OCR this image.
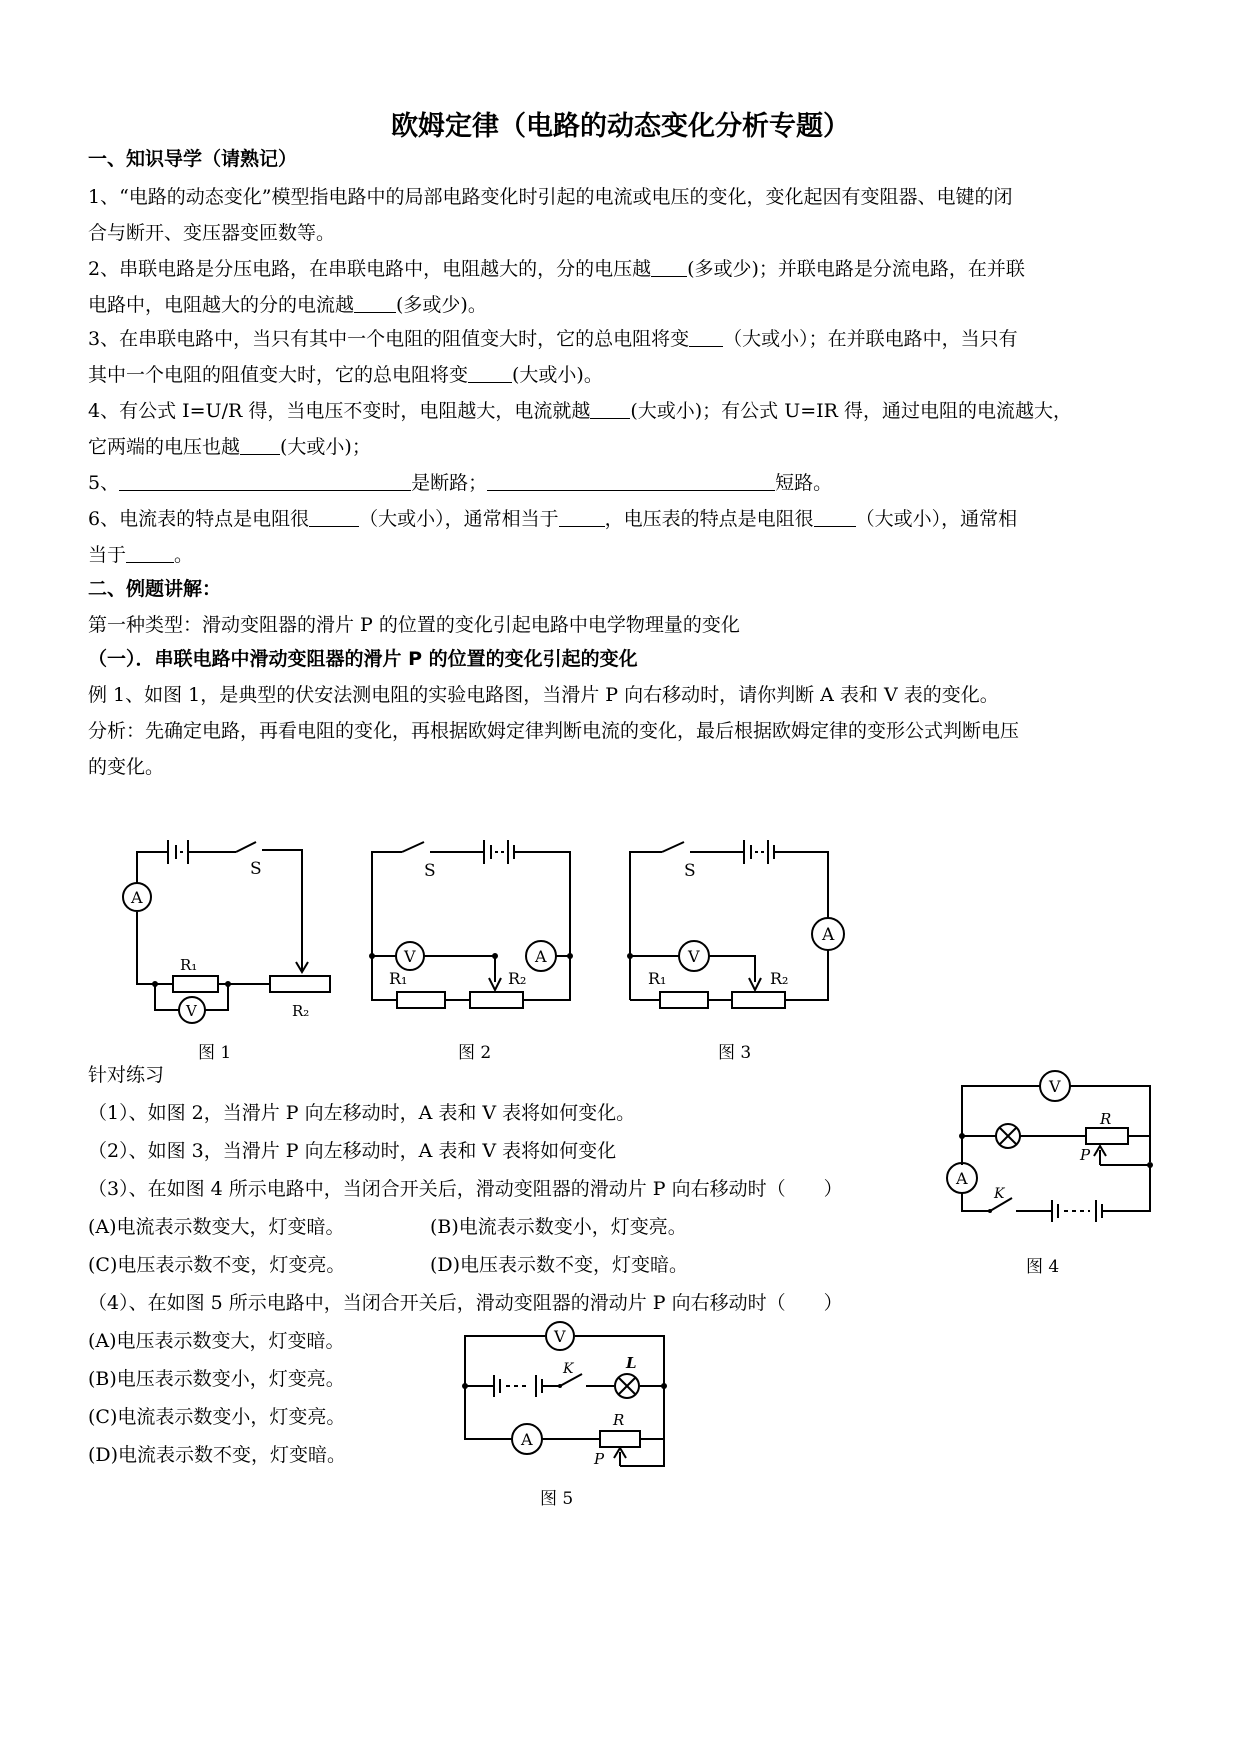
欧姆定律（电路的动态变化分析专题）
一、知识导学（请熟记）
1、“电路的动态变化”模型指电路中的局部电路变化时引起的电流或电压的变化，变化起因有变阻器、电键的闭
合与断开、变压器变匝数等。
2、串联电路是分压电路，在串联电路中，电阻越大的，分的电压越 (多或少)；并联电路是分流电路，在并联
电路中，电阻越大的分的电流越 (多或少)。
3、在串联电路中，当只有其中一个电阻的阻值变大时，它的总电阻将变 （大或小）；在并联电路中，当只有
其中一个电阻的阻值变大时，它的总电阻将变 (大或小)。
4、有公式 I=U/R 得，当电压不变时，电阻越大，电流就越 (大或小)；有公式 U=IR 得，通过电阻的电流越大，
它两端的电压也越 (大或小)；
5、	是断路；	短路。
6、电流表的特点是电阻很	（大或小），通常相当于 ，电压表的特点是电阻很 （大或小），通常相
当于	。
二、例题讲解：
第一种类型：滑动变阻器的滑片 P 的位置的变化引起电路中电学物理量的变化
（一）．串联电路中滑动变阻器的滑片 P 的位置的变化引起的变化
例 1、如图 1，是典型的伏安法测电阻的实验电路图，当滑片 P 向右移动时，请你判断 A 表和 V 表的变化。
分析：先确定电路，再看电阻的变化，再根据欧姆定律判断电流的变化，最后根据欧姆定律的变形公式判断电压
的变化。
A
V
S
R₁
R₂
V	A
S
R₁	R₂
V
A
S
R₁	R₂
图 1	图 2	图 3
针对练习
（1）、如图 2，当滑片 P 向左移动时，A 表和 V 表将如何变化。
（2）、如图 3，当滑片 P 向左移动时，A 表和 V 表将如何变化
（3）、在如图 4 所示电路中，当闭合开关后，滑动变阻器的滑动片 P 向右移动时（　　）
(A)电流表示数变大，灯变暗。	(B)电流表示数变小，灯变亮。
(C)电压表示数不变，灯变亮。	(D)电压表示数不变，灯变暗。
V
A
R
P
K
图 4
（4）、在如图 5 所示电路中，当闭合开关后，滑动变阻器的滑动片 P 向右移动时（　　）
(A)电压表示数变大，灯变暗。
(B)电压表示数变小，灯变亮。
(C)电流表示数变小，灯变亮。
(D)电流表示数不变，灯变暗。
V
A
K	L
R
P
图 5
